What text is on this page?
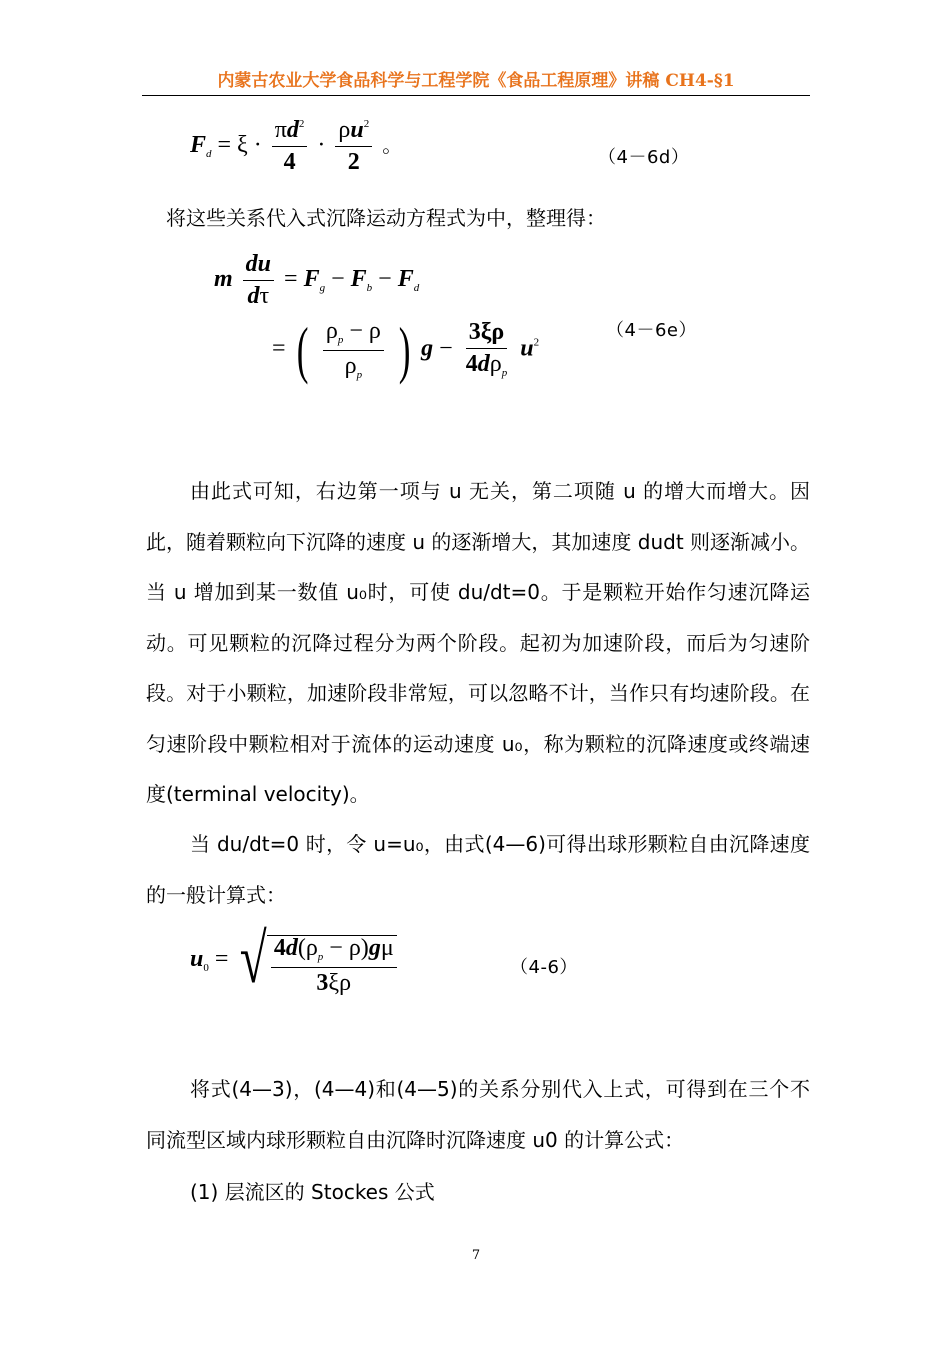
内蒙古农业大学食品科学与工程学院《食品工程原理》讲稿 CH4-§1
$F_d = \xi \cdot \frac{\pi d^2}{4} \cdot \frac{\rho u^2}{2}$ 。
（4－6d）
将这些关系代入式沉降运动方程式为中，整理得：
m $\frac{du}{d\tau} = F_g - F_b - F_d$
= ( $\frac{\rho_p - \rho}{\rho_p}$ ) $g - \frac{3\xi\rho}{4d\rho_p} u^2$
（4－6e）
由此式可知，右边第一项与 u 无关，第二项随 u 的增大而增大。因此，随着颗粒向下沉降的速度 u 的逐渐增大，其加速度 dudt 则逐渐减小。当 u 增加到某一数值 u₀时，可使 du/dt=0。于是颗粒开始作匀速沉降运动。可见颗粒的沉降过程分为两个阶段。起初为加速阶段，而后为匀速阶段。对于小颗粒，加速阶段非常短，可以忽略不计，当作只有均速阶段。在匀速阶段中颗粒相对于流体的运动速度 u₀，称为颗粒的沉降速度或终端速度(terminal velocity)。
当 du/dt=0 时，令 u=u₀，由式(4—6)可得出球形颗粒自由沉降速度的一般计算式：
$u_0$ = √ $\frac{4d(\rho_p - \rho)g\mu}{3\xi\rho}$	（4-6）
将式(4—3)，(4—4)和(4—5)的关系分别代入上式，可得到在三个不同流型区域内球形颗粒自由沉降时沉降速度 u0 的计算公式：
(1) 层流区的 Stockes 公式
7
